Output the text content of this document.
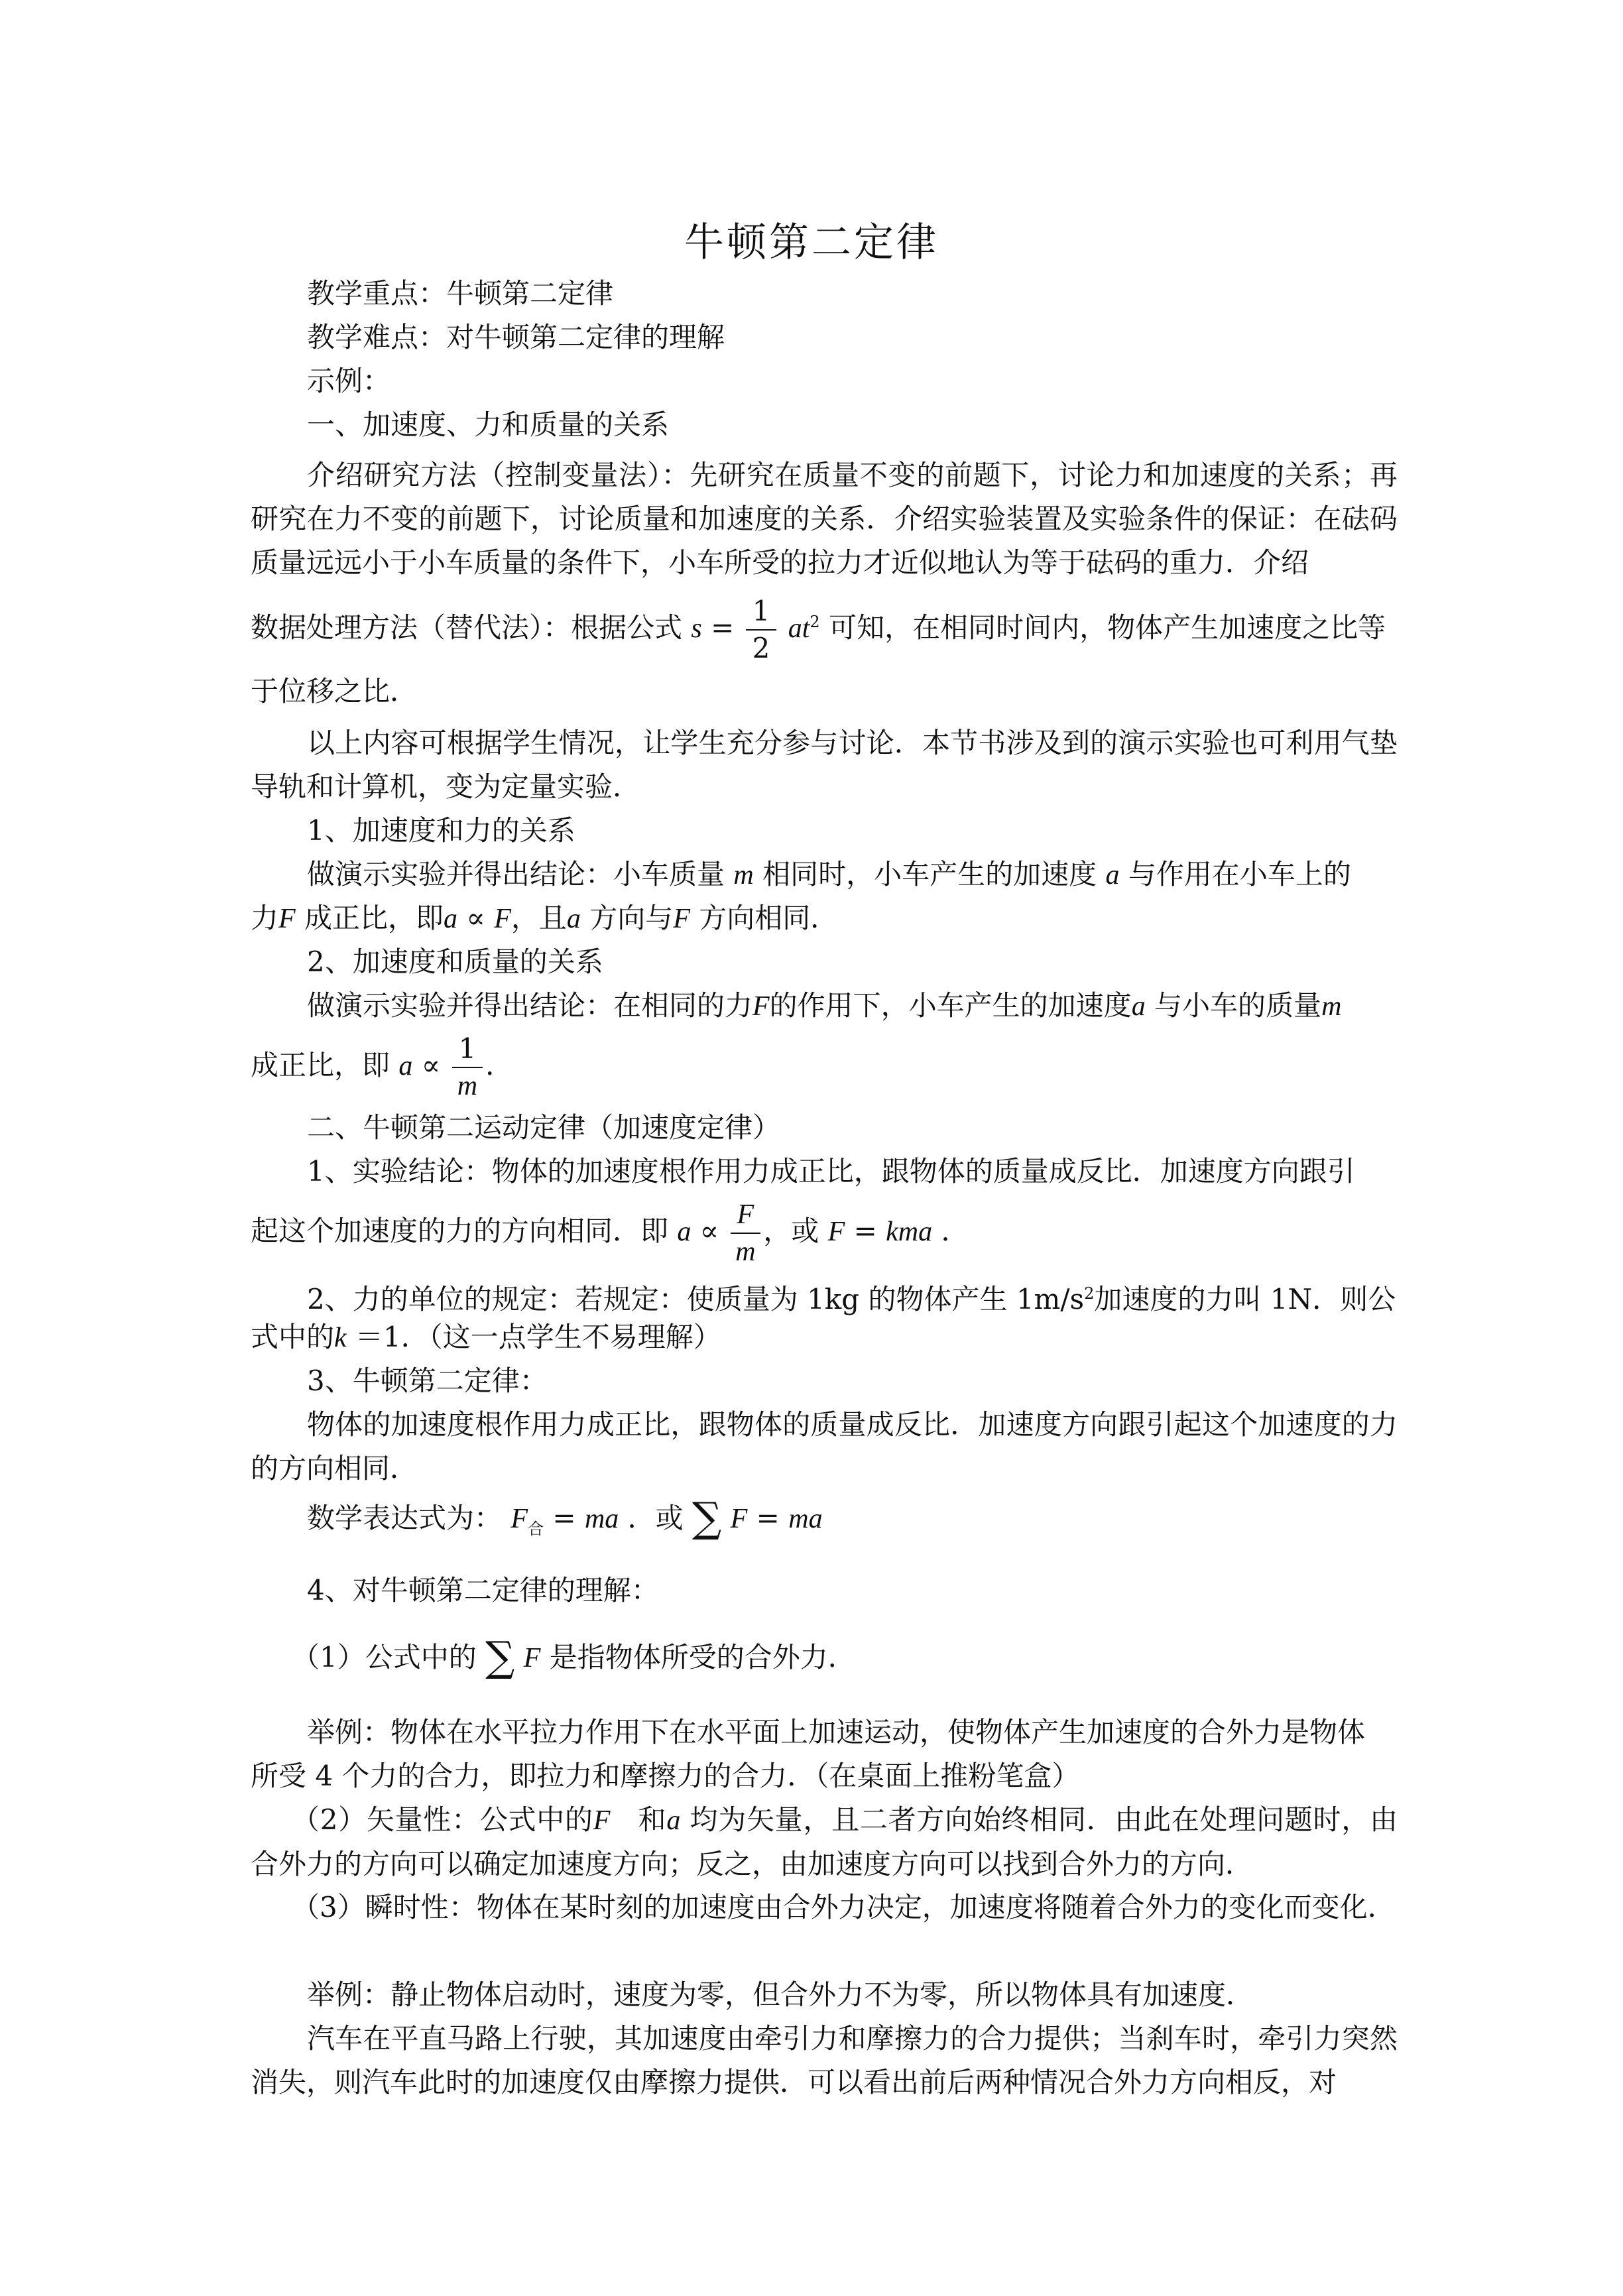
牛顿第二定律
教学重点：牛顿第二定律
教学难点：对牛顿第二定律的理解
示例：
一、加速度、力和质量的关系
介绍研究方法（控制变量法）：先研究在质量不变的前题下，讨论力和加速度的关系；再研究在力不变的前题下，讨论质量和加速度的关系．介绍实验装置及实验条件的保证：在砝码质量远远小于小车质量的条件下，小车所受的拉力才近似地认为等于砝码的重力．介绍
数据处理方法（替代法）：根据公式 $s = \frac{1}{2} at^2$ 可知，在相同时间内，物体产生加速度之比等
于位移之比．
以上内容可根据学生情况，让学生充分参与讨论．本节书涉及到的演示实验也可利用气垫导轨和计算机，变为定量实验．
1、加速度和力的关系
做演示实验并得出结论：小车质量 m 相同时，小车产生的加速度 a 与作用在小车上的
力F 成正比，即a ∝ F，且a 方向与F 方向相同．
2、加速度和质量的关系
做演示实验并得出结论：在相同的力F的作用下，小车产生的加速度a 与小车的质量m
成正比，即 $a \propto \frac{1}{m}$ ．
二、牛顿第二运动定律（加速度定律）
1、实验结论：物体的加速度根作用力成正比，跟物体的质量成反比．加速度方向跟引
起这个加速度的力的方向相同．即 $a \propto \frac{F}{m}$ ，或 F = kma ．
2、力的单位的规定：若规定：使质量为 1kg 的物体产生 $1m/s^2$加速度的力叫 1N．则公
式中的k ＝1．（这一点学生不易理解）
3、牛顿第二定律：
物体的加速度根作用力成正比，跟物体的质量成反比．加速度方向跟引起这个加速度的力的方向相同．
数学表达式为： $F_合$ = ma ．或 ∑ F = ma
4、对牛顿第二定律的理解：
（1）公式中的 ∑ F 是指物体所受的合外力．
举例：物体在水平拉力作用下在水平面上加速运动，使物体产生加速度的合外力是物体
所受 4 个力的合力，即拉力和摩擦力的合力．（在桌面上推粉笔盒）
（2）矢量性：公式中的F 和a 均为矢量，且二者方向始终相同．由此在处理问题时，由合外力的方向可以确定加速度方向；反之，由加速度方向可以找到合外力的方向．
（3）瞬时性：物体在某时刻的加速度由合外力决定，加速度将随着合外力的变化而变化．
举例：静止物体启动时，速度为零，但合外力不为零，所以物体具有加速度．
汽车在平直马路上行驶，其加速度由牵引力和摩擦力的合力提供；当刹车时，牵引力突然消失，则汽车此时的加速度仅由摩擦力提供．可以看出前后两种情况合外力方向相反，对
